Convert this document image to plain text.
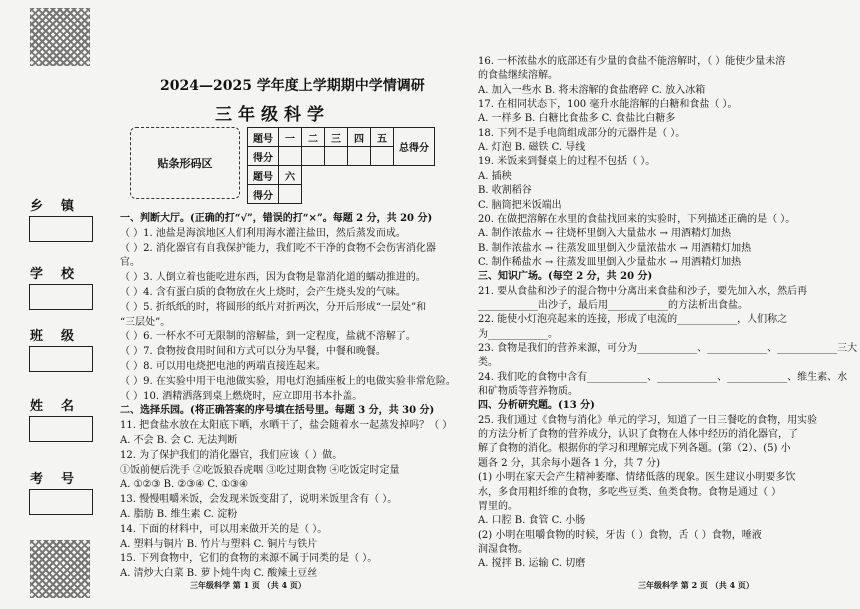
乡镇
学校
班级
姓名
考号
2024—2025 学年度上学期期中学情调研
三年级科学
贴条形码区
题号	一	二	三	四	五	总得分
得分						
题号	六					
得分						
一、判断大厅。(正确的打“√”，错误的打“×”。每题 2 分，共 20 分)
（ ）1. 池盐是海滨地区人们利用海水灌注盐田，然后蒸发而成。
（ ）2. 消化器官有自我保护能力，我们吃不干净的食物不会伤害消化器
官。
（ ）3. 人倒立着也能吃进东西，因为食物是靠消化道的蠕动推进的。
（ ）4. 含有蛋白质的食物放在火上烧时，会产生烧头发的气味。
（ ）5. 折纸纸的时，将圆形的纸片对折两次，分开后形成“一层处”和
“三层处”。
（ ）6. 一杯水不可无限制的溶解盐，到一定程度，盐就不溶解了。
（ ）7. 食物按食用时间和方式可以分为早餐，中餐和晚餐。
（ ）8. 可以用电烧把电池的两端直接连起来。
（ ）9. 在实验中用干电池做实验，用电灯泡插座板上的电做实验非常危险。
（ ）10. 酒精洒落到桌上燃烧时，应立即用书本扑盖。
二、选择乐园。(将正确答案的序号填在括号里。每题 3 分，共 30 分)
11. 把食盐水放在太阳底下晒，水晒干了，盐会随着水一起蒸发掉吗？（ ）
A. 不会 B. 会 C. 无法判断
12. 为了保护我们的消化器官，我们应该（ ）做。
①饭前便后洗手 ②吃饭狼吞虎咽 ③吃过期食物 ④吃饭定时定量
A. ①②③ B. ②③④ C. ①③④
13. 慢慢咀嚼米饭，会发现米饭变甜了，说明米饭里含有（ ）。
A. 脂肪 B. 维生素 C. 淀粉
14. 下面的材料中，可以用来做开关的是（ ）。
A. 塑料与铜片 B. 竹片与塑料 C. 铜片与铁片
15. 下列食物中，它们的食物的来源不属于同类的是（ ）。
A. 清炒大白菜 B. 萝卜炖牛肉 C. 酸辣土豆丝
三年级科学 第 1 页 （共 4 页）
16. 一杯浓盐水的底部还有少量的食盐不能溶解时，（ ）能使少量未溶
的食盐继续溶解。
A. 加入一些水 B. 将未溶解的食盐磨碎 C. 放入冰箱
17. 在相同状态下，100 毫升水能溶解的白糖和食盐（ ）。
A. 一样多 B. 白糖比食盐多 C. 食盐比白糖多
18. 下列不是手电筒组成部分的元器件是（ ）。
A. 灯泡 B. 磁铁 C. 导线
19. 米饭来到餐桌上的过程不包括（ ）。
A. 插秧
B. 收割稻谷
C. 脑筒把米饭端出
20. 在做把溶解在水里的食盐找回来的实验时，下列描述正确的是（ ）。
A. 制作浓盐水 → 往烧杯里倒入大量盐水 → 用酒精灯加热
B. 制作浓盐水 → 往蒸发皿里倒入少量浓盐水 → 用酒精灯加热
C. 制作稀盐水 → 往蒸发皿里倒入少量盐水 → 用酒精灯加热
三、知识广场。(每空 2 分，共 20 分)
21. 要从食盐和沙子的混合物中分离出来食盐和沙子，要先加入水，然后再
____________出沙子，最后用____________的方法析出食盐。
22. 能使小灯泡亮起来的连接，形成了电流的____________，人们称之
为____________。
23. 食物是我们的营养来源，可分为____________、____________、____________三大
类。
24. 我们吃的食物中含有____________、____________、____________、维生素、水
和矿物质等营养物质。
四、分析研究题。(13 分)
25. 我们通过《食物与消化》单元的学习，知道了一日三餐吃的食物，用实验
的方法分析了食物的营养成分，认识了食物在人体中经历的消化器官，了
解了食物的消化。根据你的学习和理解完成下列各题。(第（2）、(5) 小
题各 2 分，其余每小题各 1 分，共 7 分)
(1) 小明在家天会产生精神萎靡、情绪低落的现象。医生建议小明要多饮
水，多食用粗纤维的食物，多吃些豆类、鱼类食物。食物是通过（ ）
胃里的。
A. 口腔 B. 食管 C. 小肠
(2) 小明在咀嚼食物的时候，牙齿（ ）食物，舌（ ）食物，唾液
润湿食物。
A. 搅拌 B. 运输 C. 切磨
三年级科学 第 2 页 （共 4 页）
